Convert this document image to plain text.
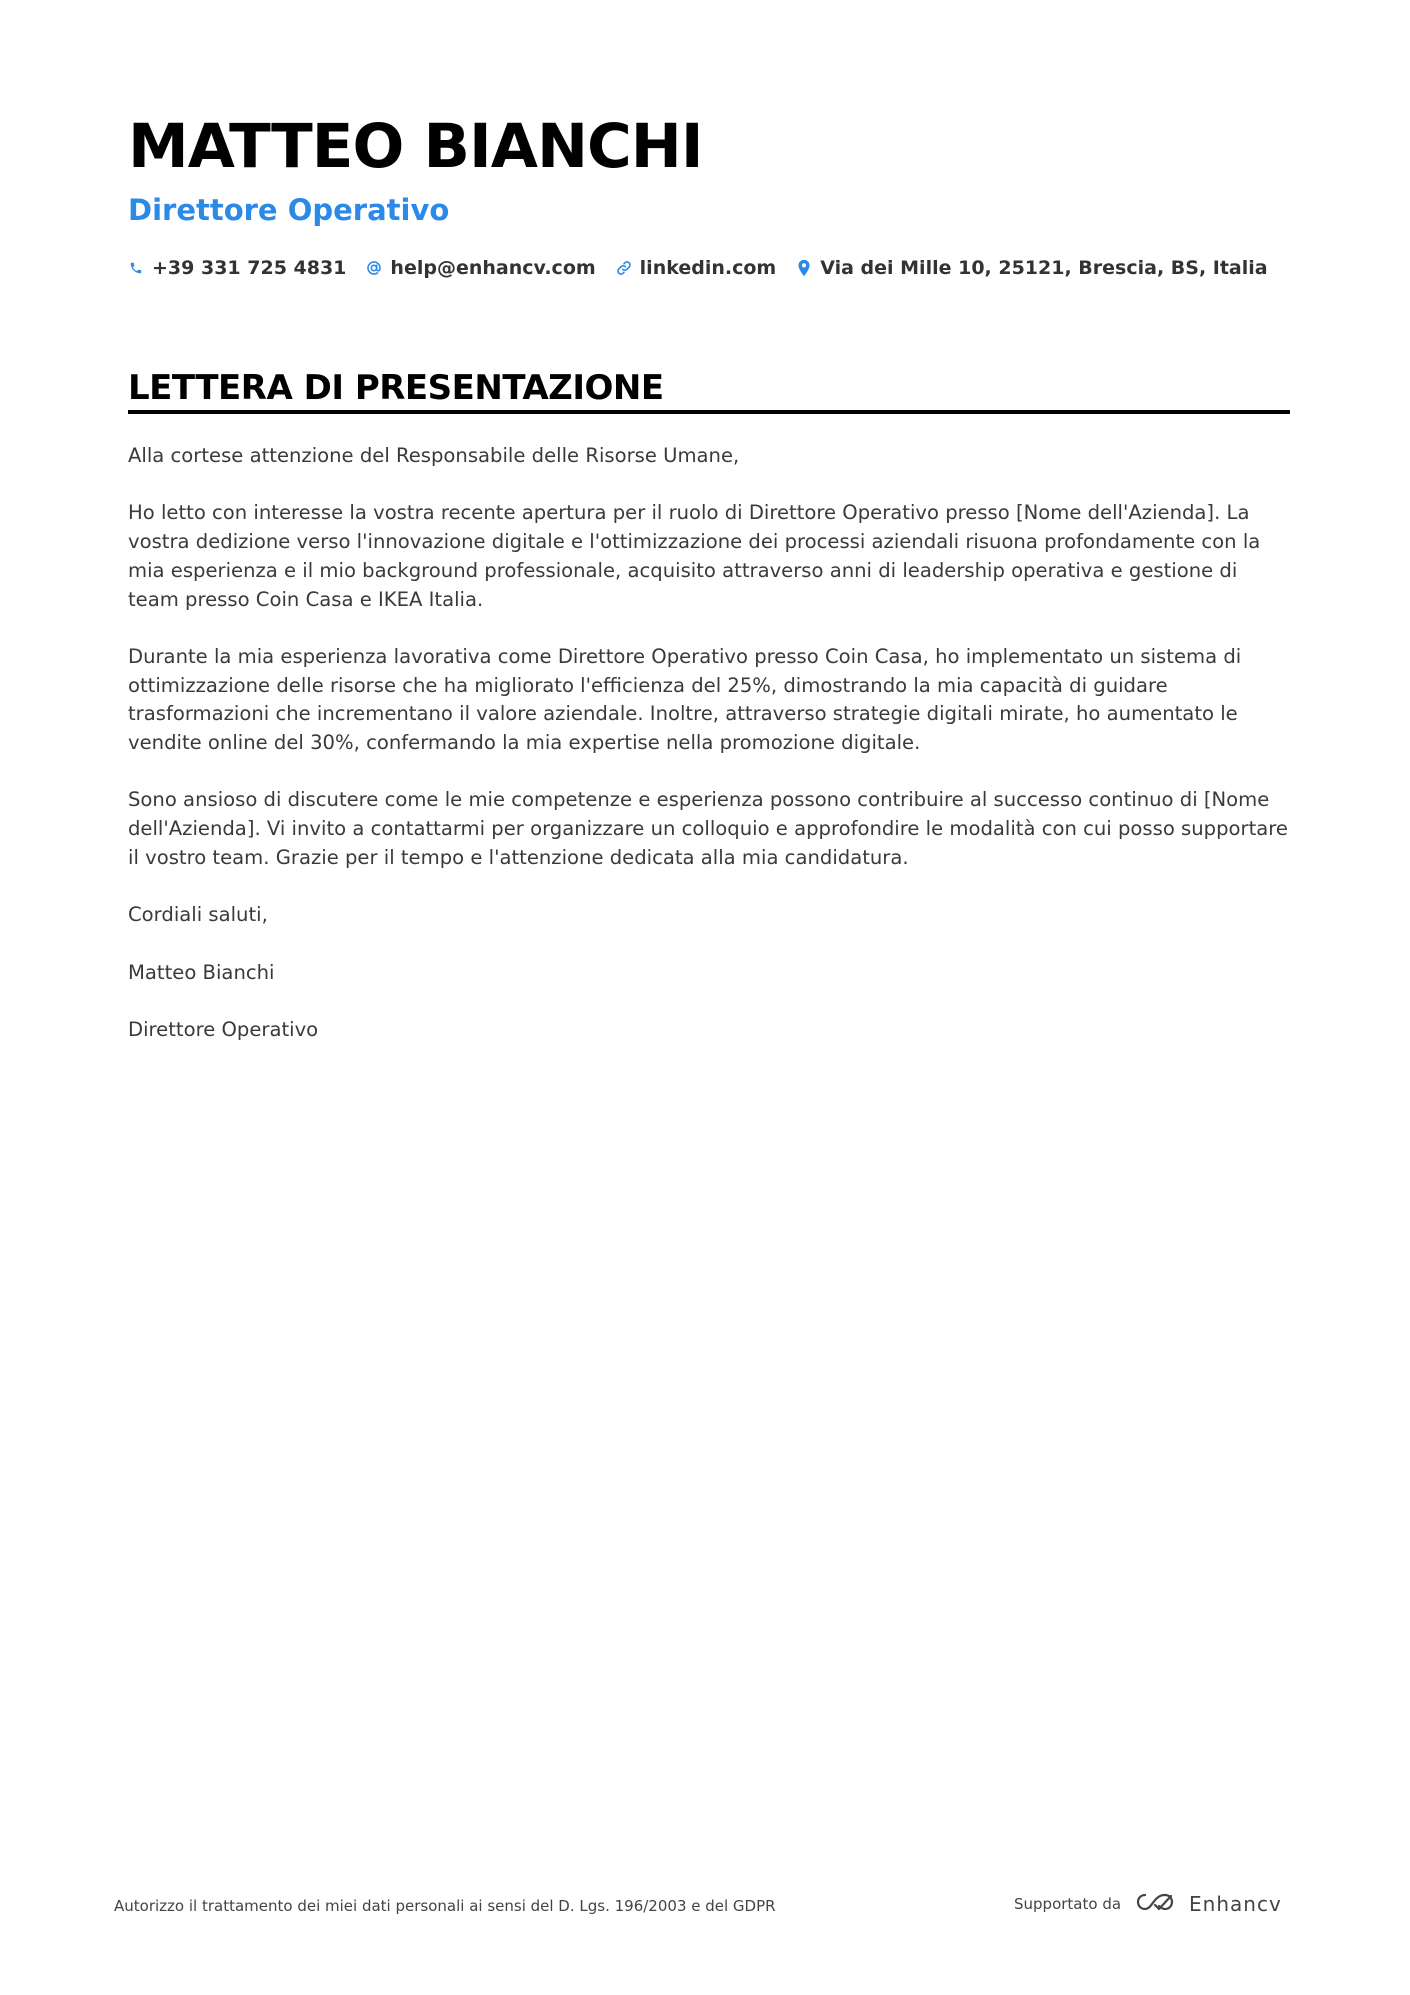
MATTEO BIANCHI
Direttore Operativo
+39 331 725 4831 help@enhancv.com linkedin.com Via dei Mille 10, 25121, Brescia, BS, Italia
LETTERA DI PRESENTAZIONE

Alla cortese attenzione del Responsabile delle Risorse Umane,

Ho letto con interesse la vostra recente apertura per il ruolo di Direttore Operativo presso [Nome dell'Azienda]. La vostra dedizione verso l'innovazione digitale e l'ottimizzazione dei processi aziendali risuona profondamente con la mia esperienza e il mio background professionale, acquisito attraverso anni di leadership operativa e gestione di team presso Coin Casa e IKEA Italia.

Durante la mia esperienza lavorativa come Direttore Operativo presso Coin Casa, ho implementato un sistema di ottimizzazione delle risorse che ha migliorato l'efficienza del 25%, dimostrando la mia capacità di guidare trasformazioni che incrementano il valore aziendale. Inoltre, attraverso strategie digitali mirate, ho aumentato le vendite online del 30%, confermando la mia expertise nella promozione digitale.

Sono ansioso di discutere come le mie competenze e esperienza possono contribuire al successo continuo di [Nome dell'Azienda]. Vi invito a contattarmi per organizzare un colloquio e approfondire le modalità con cui posso supportare il vostro team. Grazie per il tempo e l'attenzione dedicata alla mia candidatura.

Cordiali saluti,

Matteo Bianchi

Direttore Operativo

Autorizzo il trattamento dei miei dati personali ai sensi del D. Lgs. 196/2003 e del GDPR	Supportato da	Enhancv
